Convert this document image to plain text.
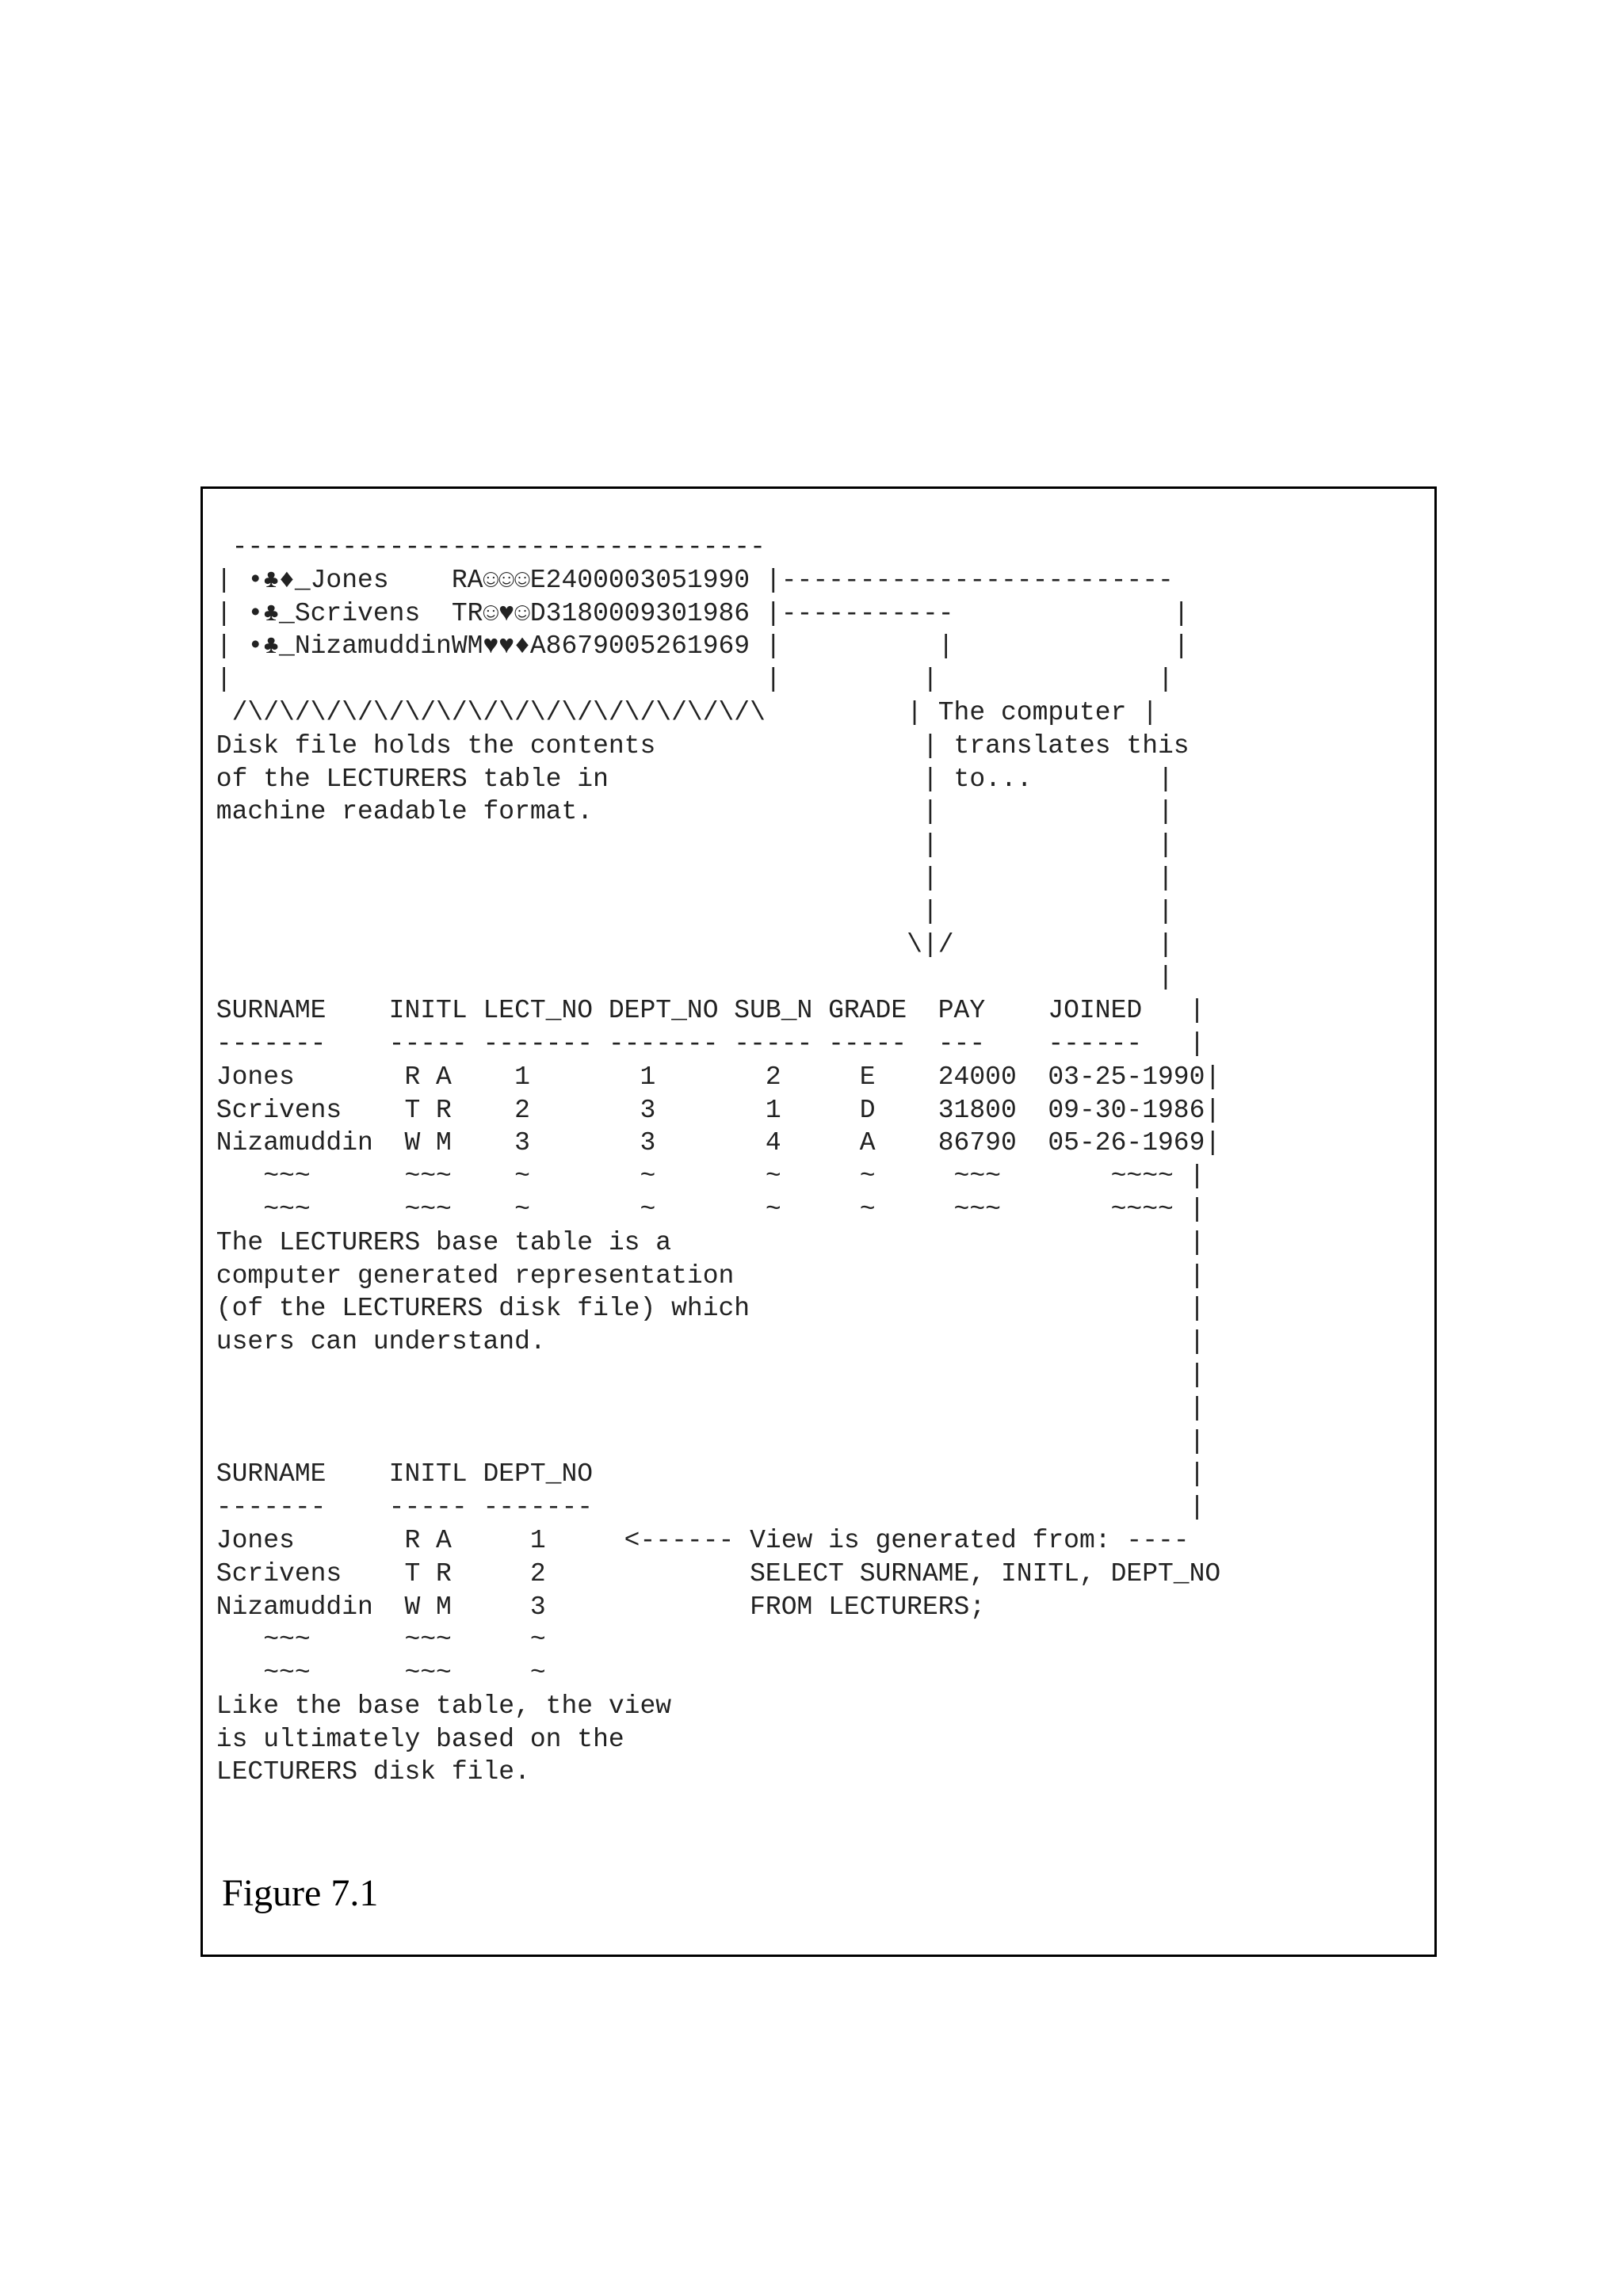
----------------------------------
| •♣♦_Jones    RA☺☺☺E2400003051990 |-------------------------
| •♣_Scrivens  TR☺♥☺D3180009301986 |-----------              |
| •♣_NizamuddinWM♥♥♦A8679005261969 |          |              |
|                                  |         |              |
/\/\/\/\/\/\/\/\/\/\/\/\/\/\/\/\/\         | The computer |
Disk file holds the contents                 | translates this
of the LECTURERS table in                    | to...        |
machine readable format.                     |              |
|              |
|              |
|              |
\|/             |
|
SURNAME    INITL LECT_NO DEPT_NO SUB_N GRADE  PAY    JOINED   |
-------    ----- ------- ------- ----- -----  ---    ------   |
Jones       R A    1       1       2     E    24000  03-25-1990|
Scrivens    T R    2       3       1     D    31800  09-30-1986|
Nizamuddin  W M    3       3       4     A    86790  05-26-1969|
~~~      ~~~    ~       ~       ~     ~     ~~~       ~~~~ |
~~~      ~~~    ~       ~       ~     ~     ~~~       ~~~~ |
The LECTURERS base table is a                                 |
computer generated representation                             |
(of the LECTURERS disk file) which                            |
users can understand.                                         |
|
|
|
SURNAME    INITL DEPT_NO                                      |
-------    ----- -------                                      |
Jones       R A     1     <------ View is generated from: ----
Scrivens    T R     2             SELECT SURNAME, INITL, DEPT_NO
Nizamuddin  W M     3             FROM LECTURERS;
~~~      ~~~     ~
~~~      ~~~     ~
Like the base table, the view
is ultimately based on the
LECTURERS disk file.

Figure 7.1
